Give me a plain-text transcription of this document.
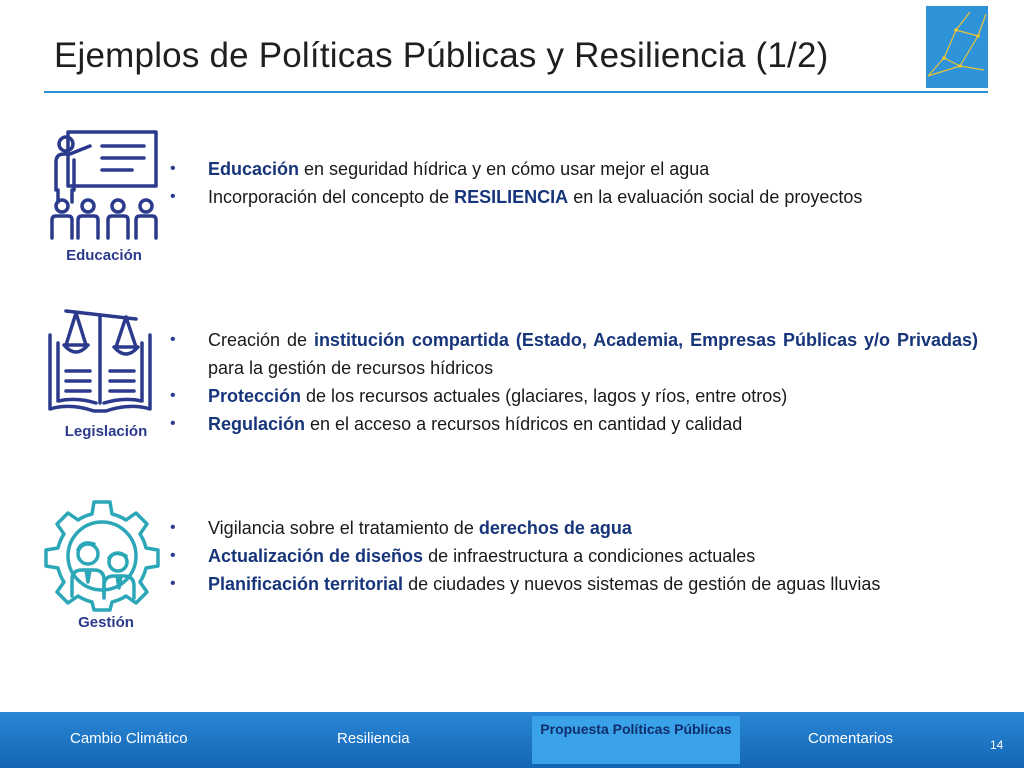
Ejemplos de Políticas Públicas y Resiliencia (1/2)
Educación
• Educación en seguridad hídrica y en cómo usar mejor el agua
• Incorporación del concepto de RESILIENCIA en la evaluación social de proyectos
Legislación
• Creación de institución compartida (Estado, Academia, Empresas Públicas y/o Privadas) para la gestión de recursos hídricos
• Protección de los recursos actuales (glaciares, lagos y ríos, entre otros)
• Regulación en el acceso a recursos hídricos en cantidad y calidad
Gestión
• Vigilancia sobre el tratamiento de derechos de agua
• Actualización de diseños de infraestructura a condiciones actuales
• Planificación territorial de ciudades y nuevos sistemas de gestión de aguas lluvias
Cambio Climático	Resiliencia
Propuesta Políticas Públicas
Comentarios	14
